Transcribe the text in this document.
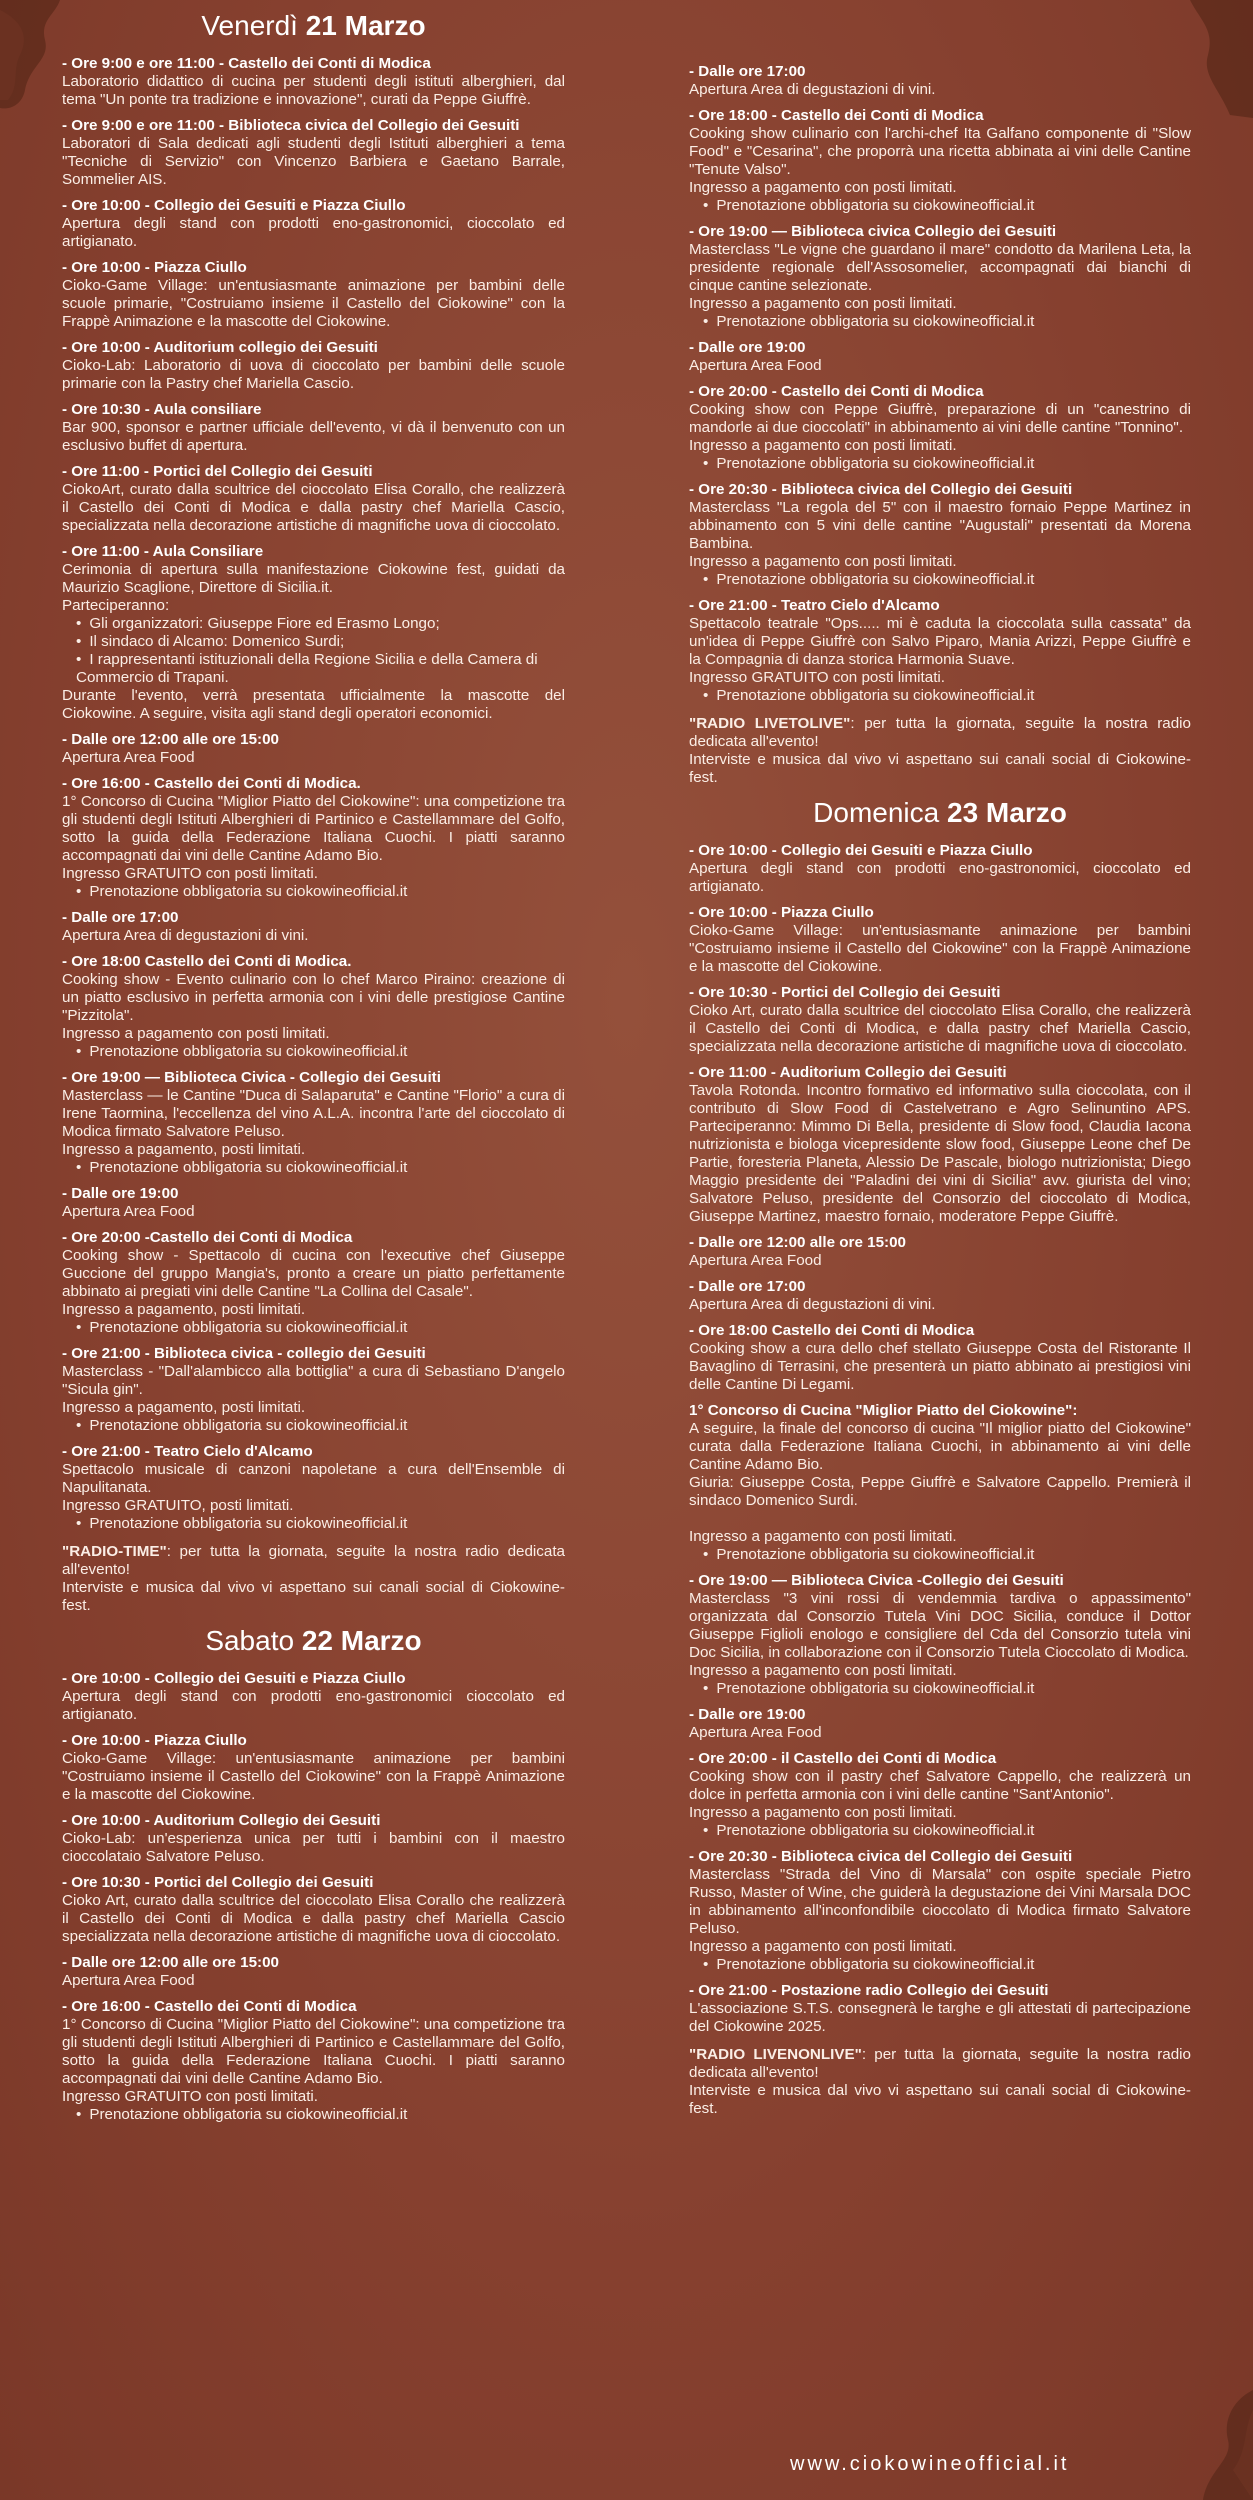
Venerdì 21 Marzo
- Ore 9:00 e ore 11:00 - Castello dei Conti di Modica
Laboratorio didattico di cucina per studenti degli istituti alberghieri, dal tema "Un ponte tra tradizione e innovazione", curati da Peppe Giuffrè.
- Ore 9:00 e ore 11:00 - Biblioteca civica del Collegio dei Gesuiti
Laboratori di Sala dedicati agli studenti degli Istituti alberghieri a tema "Tecniche di Servizio" con Vincenzo Barbiera e Gaetano Barrale, Sommelier AIS.
- Ore 10:00 - Collegio dei Gesuiti e Piazza Ciullo
Apertura degli stand con prodotti eno-gastronomici, cioccolato ed artigianato.
- Ore 10:00 - Piazza Ciullo
Cioko-Game Village: un'entusiasmante animazione per bambini delle scuole primarie, "Costruiamo insieme il Castello del Ciokowine" con la Frappè Animazione e la mascotte del Ciokowine.
- Ore 10:00 - Auditorium collegio dei Gesuiti
Cioko-Lab: Laboratorio di uova di cioccolato per bambini delle scuole primarie con la Pastry chef Mariella Cascio.
- Ore 10:30 - Aula consiliare
Bar 900, sponsor e partner ufficiale dell'evento, vi dà il benvenuto con un esclusivo buffet di apertura.
- Ore 11:00 - Portici del Collegio dei Gesuiti
CiokoArt, curato dalla scultrice del cioccolato Elisa Corallo, che realizzerà il Castello dei Conti di Modica e dalla pastry chef Mariella Cascio, specializzata nella decorazione artistiche di magnifiche uova di cioccolato.
- Ore 11:00 - Aula Consiliare
Cerimonia di apertura sulla manifestazione Ciokowine fest, guidati da Maurizio Scaglione, Direttore di Sicilia.it.
Parteciperanno:
• Gli organizzatori: Giuseppe Fiore ed Erasmo Longo;
• Il sindaco di Alcamo: Domenico Surdi;
• I rappresentanti istituzionali della Regione Sicilia e della Camera di Commercio di Trapani.
Durante l'evento, verrà presentata ufficialmente la mascotte del Ciokowine. A seguire, visita agli stand degli operatori economici.
- Dalle ore 12:00 alle ore 15:00
Apertura Area Food
- Ore 16:00 - Castello dei Conti di Modica.
1° Concorso di Cucina "Miglior Piatto del Ciokowine": una competizione tra gli studenti degli Istituti Alberghieri di Partinico e Castellammare del Golfo, sotto la guida della Federazione Italiana Cuochi. I piatti saranno accompagnati dai vini delle Cantine Adamo Bio.
Ingresso GRATUITO con posti limitati.
• Prenotazione obbligatoria su ciokowineofficial.it
- Dalle ore 17:00
Apertura Area di degustazioni di vini.
- Ore 18:00 Castello dei Conti di Modica.
Cooking show - Evento culinario con lo chef Marco Piraino: creazione di un piatto esclusivo in perfetta armonia con i vini delle prestigiose Cantine "Pizzitola".
Ingresso a pagamento con posti limitati.
• Prenotazione obbligatoria su ciokowineofficial.it
- Ore 19:00 — Biblioteca Civica - Collegio dei Gesuiti
Masterclass — le Cantine "Duca di Salaparuta" e Cantine "Florio" a cura di Irene Taormina, l'eccellenza del vino A.L.A. incontra l'arte del cioccolato di Modica firmato Salvatore Peluso.
Ingresso a pagamento, posti limitati.
• Prenotazione obbligatoria su ciokowineofficial.it
- Dalle ore 19:00
Apertura Area Food
- Ore 20:00 -Castello dei Conti di Modica
Cooking show - Spettacolo di cucina con l'executive chef Giuseppe Guccione del gruppo Mangia's, pronto a creare un piatto perfettamente abbinato ai pregiati vini delle Cantine "La Collina del Casale".
Ingresso a pagamento, posti limitati.
• Prenotazione obbligatoria su ciokowineofficial.it
- Ore 21:00 - Biblioteca civica - collegio dei Gesuiti
Masterclass - "Dall'alambicco alla bottiglia" a cura di Sebastiano D'angelo "Sicula gin".
Ingresso a pagamento, posti limitati.
• Prenotazione obbligatoria su ciokowineofficial.it
- Ore 21:00 - Teatro Cielo d'Alcamo
Spettacolo musicale di canzoni napoletane a cura dell'Ensemble di Napulitanata.
Ingresso GRATUITO, posti limitati.
• Prenotazione obbligatoria su ciokowineofficial.it
"RADIO-TIME": per tutta la giornata, seguite la nostra radio dedicata all'evento!
Interviste e musica dal vivo vi aspettano sui canali social di Ciokowine-fest.
Sabato 22 Marzo
- Ore 10:00 - Collegio dei Gesuiti e Piazza Ciullo
Apertura degli stand con prodotti eno-gastronomici cioccolato ed artigianato.
- Ore 10:00 - Piazza Ciullo
Cioko-Game Village: un'entusiasmante animazione per bambini "Costruiamo insieme il Castello del Ciokowine" con la Frappè Animazione e la mascotte del Ciokowine.
- Ore 10:00 - Auditorium Collegio dei Gesuiti
Cioko-Lab: un'esperienza unica per tutti i bambini con il maestro cioccolataio Salvatore Peluso.
- Ore 10:30 - Portici del Collegio dei Gesuiti
Cioko Art, curato dalla scultrice del cioccolato Elisa Corallo che realizzerà il Castello dei Conti di Modica e dalla pastry chef Mariella Cascio specializzata nella decorazione artistiche di magnifiche uova di cioccolato.
- Dalle ore 12:00 alle ore 15:00
Apertura Area Food
- Ore 16:00 - Castello dei Conti di Modica
1° Concorso di Cucina "Miglior Piatto del Ciokowine": una competizione tra gli studenti degli Istituti Alberghieri di Partinico e Castellammare del Golfo, sotto la guida della Federazione Italiana Cuochi. I piatti saranno accompagnati dai vini delle Cantine Adamo Bio.
Ingresso GRATUITO con posti limitati.
• Prenotazione obbligatoria su ciokowineofficial.it
- Dalle ore 17:00
Apertura Area di degustazioni di vini.
- Ore 18:00 - Castello dei Conti di Modica
Cooking show culinario con l'archi-chef Ita Galfano componente di "Slow Food" e "Cesarina", che proporrà una ricetta abbinata ai vini delle Cantine "Tenute Valso".
Ingresso a pagamento con posti limitati.
• Prenotazione obbligatoria su ciokowineofficial.it
- Ore 19:00 — Biblioteca civica Collegio dei Gesuiti
Masterclass "Le vigne che guardano il mare" condotto da Marilena Leta, la presidente regionale dell'Assosomelier, accompagnati dai bianchi di cinque cantine selezionate.
Ingresso a pagamento con posti limitati.
• Prenotazione obbligatoria su ciokowineofficial.it
- Dalle ore 19:00
Apertura Area Food
- Ore 20:00 - Castello dei Conti di Modica
Cooking show con Peppe Giuffrè, preparazione di un "canestrino di mandorle ai due cioccolati" in abbinamento ai vini delle cantine "Tonnino".
Ingresso a pagamento con posti limitati.
• Prenotazione obbligatoria su ciokowineofficial.it
- Ore 20:30 - Biblioteca civica del Collegio dei Gesuiti
Masterclass "La regola del 5" con il maestro fornaio Peppe Martinez in abbinamento con 5 vini delle cantine "Augustali" presentati da Morena Bambina.
Ingresso a pagamento con posti limitati.
• Prenotazione obbligatoria su ciokowineofficial.it
- Ore 21:00 - Teatro Cielo d'Alcamo
Spettacolo teatrale "Ops..... mi è caduta la cioccolata sulla cassata" da un'idea di Peppe Giuffrè con Salvo Piparo, Mania Arizzi, Peppe Giuffrè e la Compagnia di danza storica Harmonia Suave.
Ingresso GRATUITO con posti limitati.
• Prenotazione obbligatoria su ciokowineofficial.it
"RADIO LIVETOLIVE": per tutta la giornata, seguite la nostra radio dedicata all'evento!
Interviste e musica dal vivo vi aspettano sui canali social di Ciokowine-fest.
Domenica 23 Marzo
- Ore 10:00 - Collegio dei Gesuiti e Piazza Ciullo
Apertura degli stand con prodotti eno-gastronomici, cioccolato ed artigianato.
- Ore 10:00 - Piazza Ciullo
Cioko-Game Village: un'entusiasmante animazione per bambini "Costruiamo insieme il Castello del Ciokowine" con la Frappè Animazione e la mascotte del Ciokowine.
- Ore 10:30 - Portici del Collegio dei Gesuiti
Cioko Art, curato dalla scultrice del cioccolato Elisa Corallo, che realizzerà il Castello dei Conti di Modica, e dalla pastry chef Mariella Cascio, specializzata nella decorazione artistiche di magnifiche uova di cioccolato.
- Ore 11:00 - Auditorium Collegio dei Gesuiti
Tavola Rotonda. Incontro formativo ed informativo sulla cioccolata, con il contributo di Slow Food di Castelvetrano e Agro Selinuntino APS. Parteciperanno: Mimmo Di Bella, presidente di Slow food, Claudia Iacona nutrizionista e biologa vicepresidente slow food, Giuseppe Leone chef De Partie, foresteria Planeta, Alessio De Pascale, biologo nutrizionista; Diego Maggio presidente dei "Paladini dei vini di Sicilia" avv. giurista del vino; Salvatore Peluso, presidente del Consorzio del cioccolato di Modica, Giuseppe Martinez, maestro fornaio, moderatore Peppe Giuffrè.
- Dalle ore 12:00 alle ore 15:00
Apertura Area Food
- Dalle ore 17:00
Apertura Area di degustazioni di vini.
- Ore 18:00 Castello dei Conti di Modica
Cooking show a cura dello chef stellato Giuseppe Costa del Ristorante Il Bavaglino di Terrasini, che presenterà un piatto abbinato ai prestigiosi vini delle Cantine Di Legami.
1° Concorso di Cucina "Miglior Piatto del Ciokowine":
A seguire, la finale del concorso di cucina "Il miglior piatto del Ciokowine" curata dalla Federazione Italiana Cuochi, in abbinamento ai vini delle Cantine Adamo Bio.
Giuria: Giuseppe Costa, Peppe Giuffrè e Salvatore Cappello. Premierà il sindaco Domenico Surdi.

Ingresso a pagamento con posti limitati.
• Prenotazione obbligatoria su ciokowineofficial.it
- Ore 19:00 — Biblioteca Civica -Collegio dei Gesuiti
Masterclass "3 vini rossi di vendemmia tardiva o appassimento" organizzata dal Consorzio Tutela Vini DOC Sicilia, conduce il Dottor Giuseppe Figlioli enologo e consigliere del Cda del Consorzio tutela vini Doc Sicilia, in collaborazione con il Consorzio Tutela Cioccolato di Modica.
Ingresso a pagamento con posti limitati.
• Prenotazione obbligatoria su ciokowineofficial.it
- Dalle ore 19:00
Apertura Area Food
- Ore 20:00 - il Castello dei Conti di Modica
Cooking show con il pastry chef Salvatore Cappello, che realizzerà un dolce in perfetta armonia con i vini delle cantine "Sant'Antonio".
Ingresso a pagamento con posti limitati.
• Prenotazione obbligatoria su ciokowineofficial.it
- Ore 20:30 - Biblioteca civica del Collegio dei Gesuiti
Masterclass "Strada del Vino di Marsala" con ospite speciale Pietro Russo, Master of Wine, che guiderà la degustazione dei Vini Marsala DOC in abbinamento all'inconfondibile cioccolato di Modica firmato Salvatore Peluso.
Ingresso a pagamento con posti limitati.
• Prenotazione obbligatoria su ciokowineofficial.it
- Ore 21:00 - Postazione radio Collegio dei Gesuiti
L'associazione S.T.S. consegnerà le targhe e gli attestati di partecipazione del Ciokowine 2025.
"RADIO LIVENONLIVE": per tutta la giornata, seguite la nostra radio dedicata all'evento!
Interviste e musica dal vivo vi aspettano sui canali social di Ciokowine-fest.
www.ciokowineofficial.it
